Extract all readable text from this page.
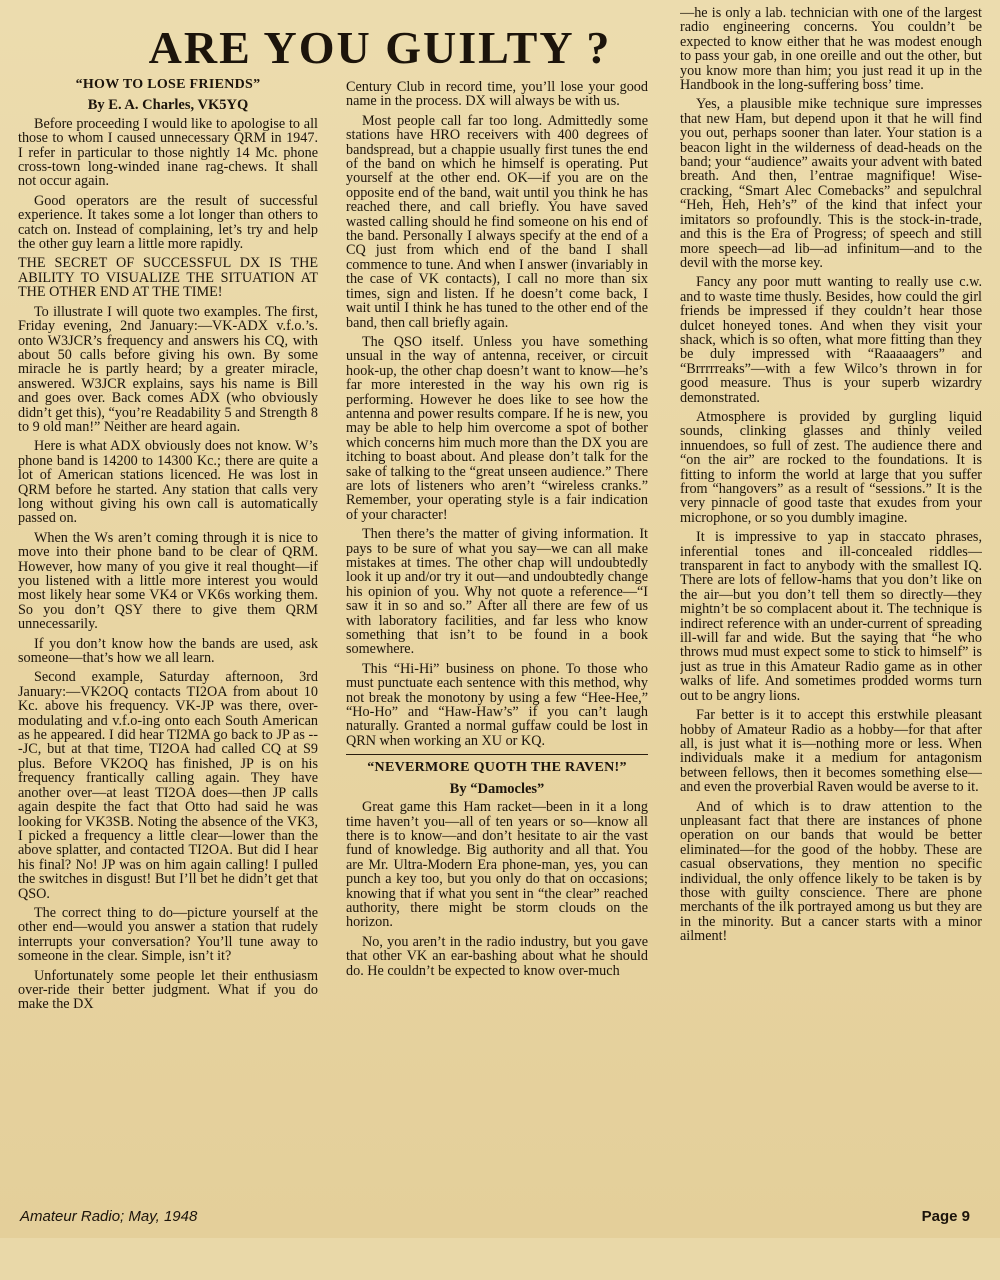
ARE YOU GUILTY ?
“HOW TO LOSE FRIENDS”
By E. A. Charles, VK5YQ

Before proceeding I would like to apologise to all those to whom I caused unnecessary QRM in 1947. I refer in particular to those nightly 14 Mc. phone cross-town long-winded inane rag-chews. It shall not occur again.

Good operators are the result of successful experience. It takes some a lot longer than others to catch on. Instead of complaining, let’s try and help the other guy learn a little more rapidly.

THE SECRET OF SUCCESSFUL DX IS THE ABILITY TO VISUALIZE THE SITUATION AT THE OTHER END AT THE TIME!

To illustrate I will quote two examples. The first, Friday evening, 2nd January:—VK-ADX v.f.o.’s. onto W3JCR’s frequency and answers his CQ, with about 50 calls before giving his own. By some miracle he is partly heard; by a greater miracle, answered. W3JCR explains, says his name is Bill and goes over. Back comes ADX (who obviously didn’t get this), “you’re Readability 5 and Strength 8 to 9 old man!” Neither are heard again.

Here is what ADX obviously does not know. W’s phone band is 14200 to 14300 Kc.; there are quite a lot of American stations licenced. He was lost in QRM before he started. Any station that calls very long without giving his own call is automatically passed on.

When the Ws aren’t coming through it is nice to move into their phone band to be clear of QRM. However, how many of you give it real thought—if you listened with a little more interest you would most likely hear some VK4 or VK6s working them. So you don’t QSY there to give them QRM unnecessarily.

If you don’t know how the bands are used, ask someone—that’s how we all learn.

Second example, Saturday afternoon, 3rd January:—VK2OQ contacts TI2OA from about 10 Kc. above his frequency. VK-JP was there, over-modulating and v.f.o-ing onto each South American as he appeared. I did hear TI2MA go back to JP as ---JC, but at that time, TI2OA had called CQ at S9 plus. Before VK2OQ has finished, JP is on his frequency frantically calling again. They have another over—at least TI2OA does—then JP calls again despite the fact that Otto had said he was looking for VK3SB. Noting the absence of the VK3, I picked a frequency a little clear—lower than the above splatter, and contacted TI2OA. But did I hear his final? No! JP was on him again calling! I pulled the switches in disgust! But I’ll bet he didn’t get that QSO.

The correct thing to do—picture yourself at the other end—would you answer a station that rudely interrupts your conversation? You’ll tune away to someone in the clear. Simple, isn’t it?

Unfortunately some people let their enthusiasm over-ride their better judgment. What if you do make the DX

Century Club in record time, you’ll lose your good name in the process. DX will always be with us.

Most people call far too long. Admittedly some stations have HRO receivers with 400 degrees of bandspread, but a chappie usually first tunes the end of the band on which he himself is operating. Put yourself at the other end. OK—if you are on the opposite end of the band, wait until you think he has reached there, and call briefly. You have saved wasted calling should he find someone on his end of the band. Personally I always specify at the end of a CQ just from which end of the band I shall commence to tune. And when I answer (invariably in the case of VK contacts), I call no more than six times, sign and listen. If he doesn’t come back, I wait until I think he has tuned to the other end of the band, then call briefly again.

The QSO itself. Unless you have something unsual in the way of antenna, receiver, or circuit hook-up, the other chap doesn’t want to know—he’s far more interested in the way his own rig is performing. However he does like to see how the antenna and power results compare. If he is new, you may be able to help him overcome a spot of bother which concerns him much more than the DX you are itching to boast about. And please don’t talk for the sake of talking to the “great unseen audience.” There are lots of listeners who aren’t “wireless cranks.” Remember, your operating style is a fair indication of your character!

Then there’s the matter of giving information. It pays to be sure of what you say—we can all make mistakes at times. The other chap will undoubtedly look it up and/or try it out—and undoubtedly change his opinion of you. Why not quote a reference—“I saw it in so and so.” After all there are few of us with laboratory facilities, and far less who know something that isn’t to be found in a book somewhere.

This “Hi-Hi” business on phone. To those who must punctuate each sentence with this method, why not break the monotony by using a few “Hee-Hee,” “Ho-Ho” and “Haw-Haw’s” if you can’t laugh naturally. Granted a normal guffaw could be lost in QRN when working an XU or KQ.

“NEVERMORE QUOTH THE RAVEN!”
By “Damocles”

Great game this Ham racket—been in it a long time haven’t you—all of ten years or so—know all there is to know—and don’t hesitate to air the vast fund of knowledge. Big authority and all that. You are Mr. Ultra-Modern Era phone-man, yes, you can punch a key too, but you only do that on occasions; knowing that if what you sent in “the clear” reached authority, there might be storm clouds on the horizon.

No, you aren’t in the radio industry, but you gave that other VK an ear-bashing about what he should do. He couldn’t be expected to know over-much

—he is only a lab. technician with one of the largest radio engineering concerns. You couldn’t be expected to know either that he was modest enough to pass your gab, in one oreille and out the other, but you know more than him; you just read it up in the Handbook in the long-suffering boss’ time.

Yes, a plausible mike technique sure impresses that new Ham, but depend upon it that he will find you out, perhaps sooner than later. Your station is a beacon light in the wilderness of dead-heads on the band; your “audience” awaits your advent with bated breath. And then, l’entrae magnifique! Wise-cracking, “Smart Alec Comebacks” and sepulchral “Heh, Heh, Heh’s” of the kind that infect your imitators so profoundly. This is the stock-in-trade, and this is the Era of Progress; of speech and still more speech—ad lib—ad infinitum—and to the devil with the morse key.

Fancy any poor mutt wanting to really use c.w. and to waste time thusly. Besides, how could the girl friends be impressed if they couldn’t hear those dulcet honeyed tones. And when they visit your shack, which is so often, what more fitting than they be duly impressed with “Raaaaagers” and “Brrrrreaks”—with a few Wilco’s thrown in for good measure. Thus is your superb wizardry demonstrated.

Atmosphere is provided by gurgling liquid sounds, clinking glasses and thinly veiled innuendoes, so full of zest. The audience there and “on the air” are rocked to the foundations. It is fitting to inform the world at large that you suffer from “hangovers” as a result of “sessions.” It is the very pinnacle of good taste that exudes from your microphone, or so you dumbly imagine.

It is impressive to yap in staccato phrases, inferential tones and ill-concealed riddles—transparent in fact to anybody with the smallest IQ. There are lots of fellow-hams that you don’t like on the air—but you don’t tell them so directly—they mightn’t be so complacent about it. The technique is indirect reference with an under-current of spreading ill-will far and wide. But the saying that “he who throws mud must expect some to stick to himself” is just as true in this Amateur Radio game as in other walks of life. And sometimes prodded worms turn out to be angry lions.

Far better is it to accept this erstwhile pleasant hobby of Amateur Radio as a hobby—for that after all, is just what it is—nothing more or less. When individuals make it a medium for antagonism between fellows, then it becomes something else—and even the proverbial Raven would be averse to it.

And of which is to draw attention to the unpleasant fact that there are instances of phone operation on our bands that would be better eliminated—for the good of the hobby. These are casual observations, they mention no specific individual, the only offence likely to be taken is by those with guilty conscience. There are phone merchants of the ilk portrayed among us but they are in the minority. But a cancer starts with a minor ailment!

Amateur Radio; May, 1948	Page 9
